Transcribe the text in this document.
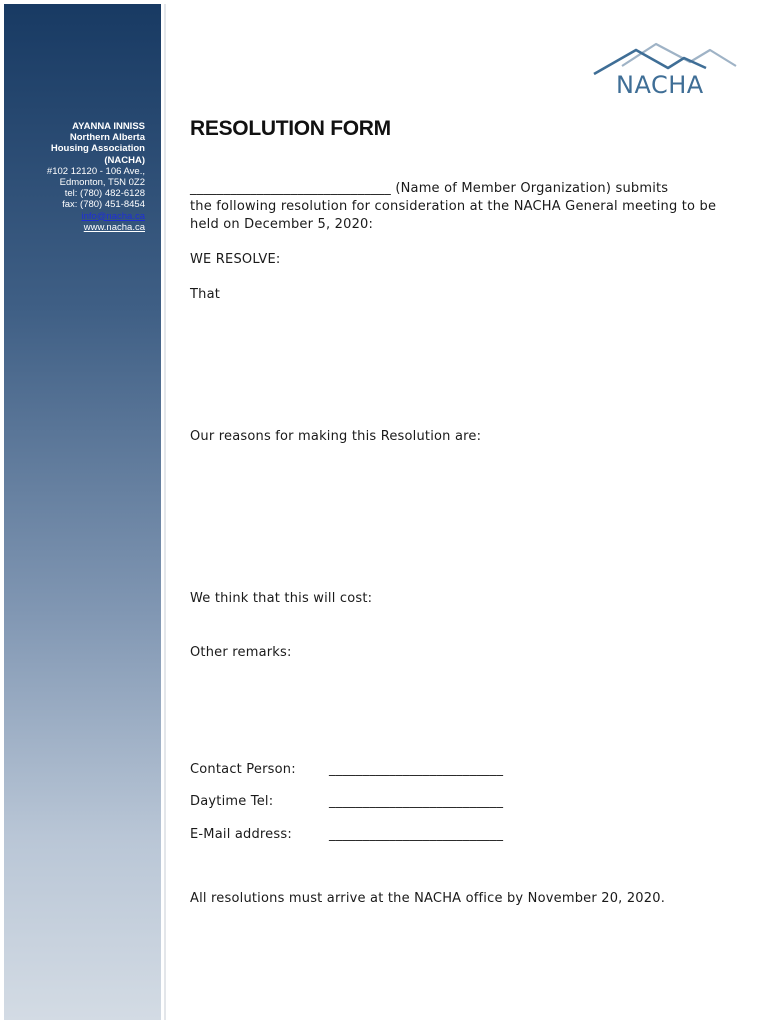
AYANNA INNISS
Northern Alberta
Housing Association
(NACHA)
#102 12120 - 106 Ave.,
Edmonton, T5N 0Z2
tel: (780) 482-6128
fax: (780) 451-8454
info@nacha.ca
www.nacha.ca
NACHA
RESOLUTION FORM
______________________________ (Name of Member Organization) submits
the following resolution for consideration at the NACHA General meeting to be
held on December 5, 2020:
WE RESOLVE:
That
Our reasons for making this Resolution are:
We think that this will cost:
Other remarks:
Contact Person:	__________________________
Daytime Tel:	__________________________
E-Mail address:	__________________________
All resolutions must arrive at the NACHA office by November 20, 2020.
